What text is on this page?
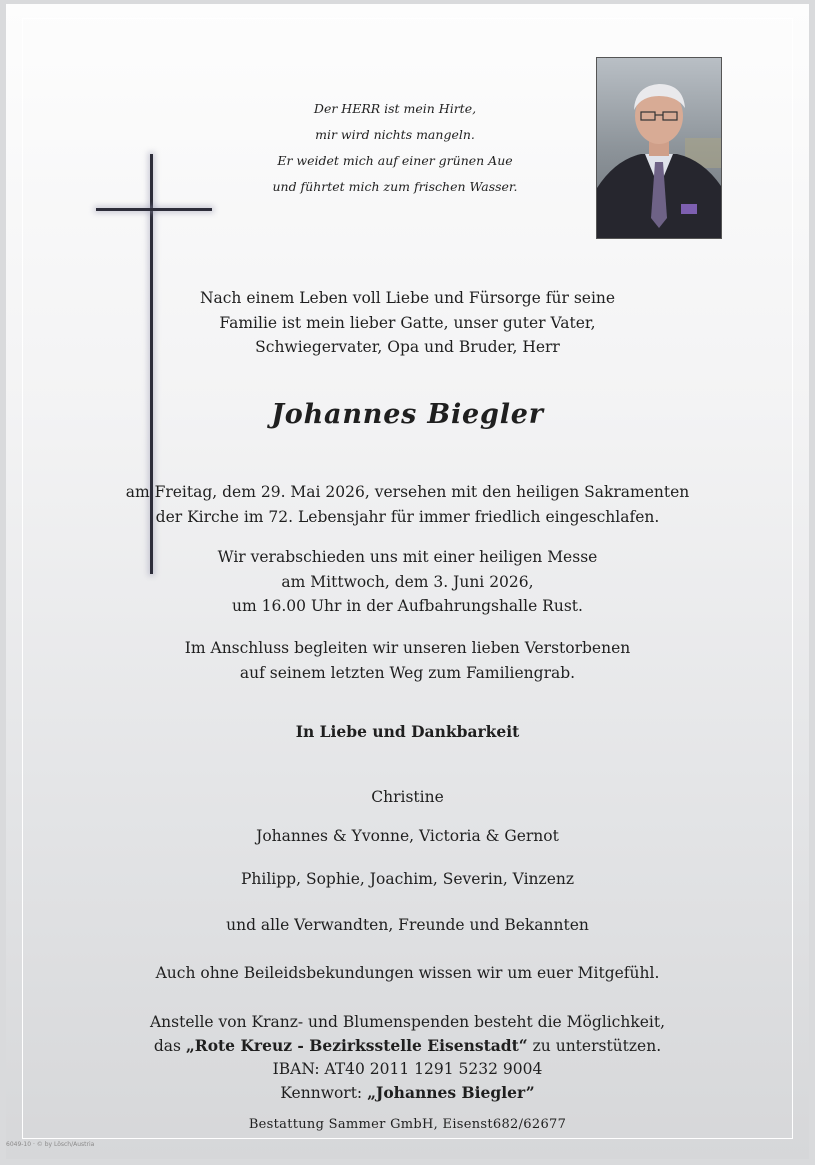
Der HERR ist mein Hirte,
mir wird nichts mangeln.
Er weidet mich auf einer grünen Aue
und führtet mich zum frischen Wasser.
Nach einem Leben voll Liebe und Fürsorge für seine
Familie ist mein lieber Gatte, unser guter Vater,
Schwiegervater, Opa und Bruder, Herr
Johannes Biegler
am Freitag, dem 29. Mai 2026, versehen mit den heiligen Sakramenten
der Kirche im 72. Lebensjahr für immer friedlich eingeschlafen.
Wir verabschieden uns mit einer heiligen Messe
am Mittwoch, dem 3. Juni 2026,
um 16.00 Uhr in der Aufbahrungshalle Rust.
Im Anschluss begleiten wir unseren lieben Verstorbenen
auf seinem letzten Weg zum Familiengrab.
In Liebe und Dankbarkeit
Christine
Johannes & Yvonne, Victoria & Gernot
Philipp, Sophie, Joachim, Severin, Vinzenz
und alle Verwandten, Freunde und Bekannten
Auch ohne Beileidsbekundungen wissen wir um euer Mitgefühl.
Anstelle von Kranz- und Blumenspenden besteht die Möglichkeit,
das „Rote Kreuz - Bezirksstelle Eisenstadt“ zu unterstützen.
IBAN: AT40 2011 1291 5232 9004
Kennwort: „Johannes Biegler”
Bestattung Sammer GmbH, Eisenst682/62677
6049-10 · © by Lösch/Austria
